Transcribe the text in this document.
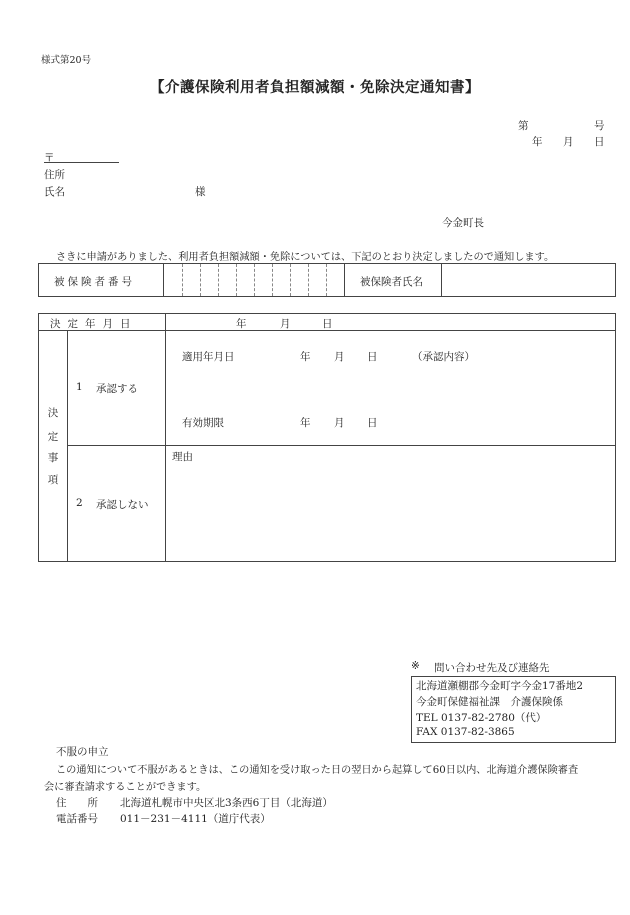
様式第20号
【介護保険利用者負担額減額・免除決定通知書】
第	号
年 月 日
〒
住所
氏名	様
今金町長
さきに申請がありました、利用者負担額減額・免除については、下記のとおり決定しましたので通知します。
被保険者番号	被保険者氏名
決定年月日	年	月	日
決
定
事
項
1 承認する
適用年月日	年 月 日	（承認内容）
有効期限	年 月 日
2 承認しない
理由
※ 問い合わせ先及び連絡先
北海道瀬棚郡今金町字今金17番地2
今金町保健福祉課　介護保険係
TEL 0137-82-2780（代）
FAX 0137-82-3865
不服の申立
この通知について不服があるときは、この通知を受け取った日の翌日から起算して60日以内、北海道介護保険審査
会に審査請求することができます。
住　　所 北海道札幌市中央区北3条西6丁目（北海道）
電話番号 011－231－4111（道庁代表）
